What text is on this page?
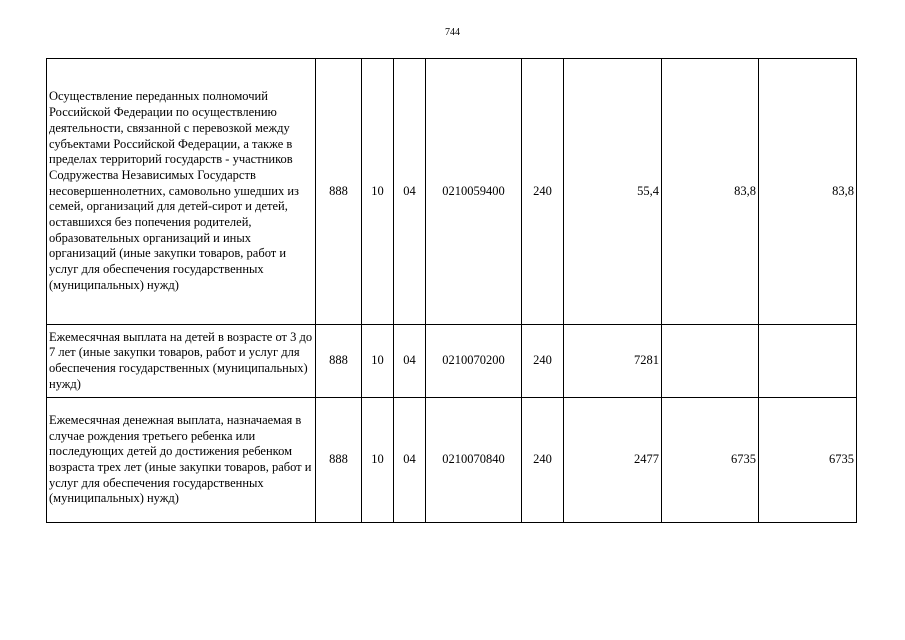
744
Осуществление переданных полномочий Российской Федерации по осуществлению деятельности, связанной с перевозкой между субъектами Российской Федерации, а также в пределах территорий государств - участников Содружества Независимых Государств несовершеннолетних, самовольно ушедших из семей, организаций для детей-сирот и детей, оставшихся без попечения родителей, образовательных организаций и иных организаций (иные закупки товаров, работ и услуг для обеспечения государственных (муниципальных) нужд)	888	10	04	0210059400	240	55,4	83,8	83,8
Ежемесячная выплата на детей в возрасте от 3 до 7 лет (иные закупки товаров, работ и услуг для обеспечения государственных (муниципальных) нужд)	888	10	04	0210070200	240	7281		
Ежемесячная денежная выплата, назначаемая в случае рождения третьего ребенка или последующих детей до достижения ребенком возраста трех лет (иные закупки товаров, работ и услуг для обеспечения государственных (муниципальных) нужд)	888	10	04	0210070840	240	2477	6735	6735
